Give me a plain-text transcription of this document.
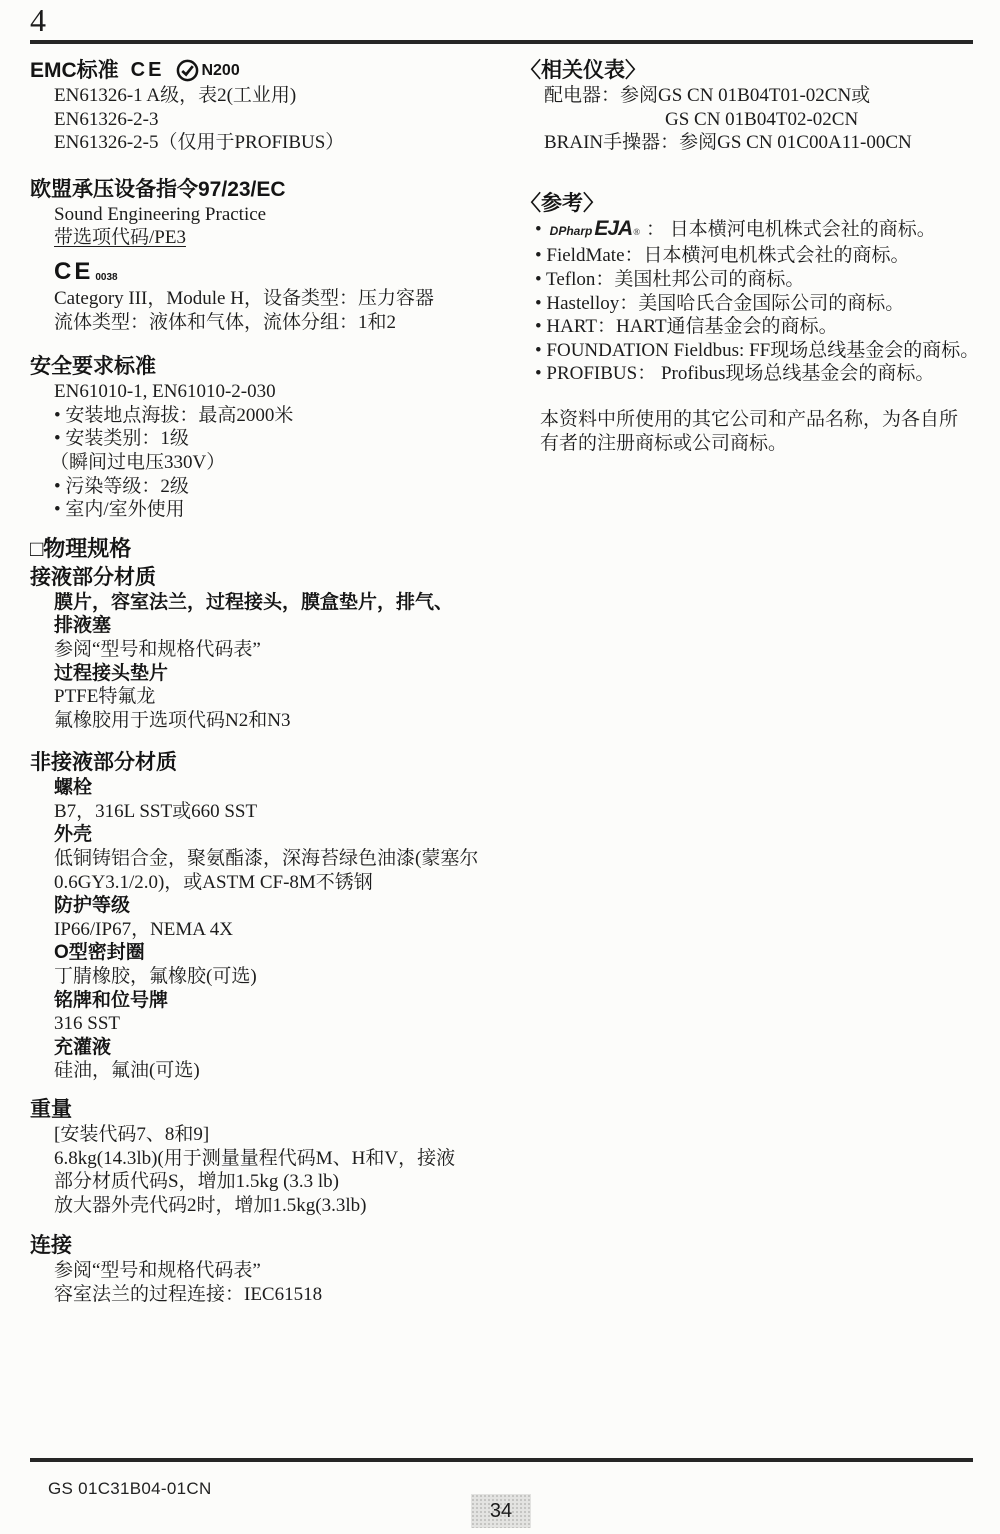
4
EMC标准 CE N200
EN61326-1 A级，表2(工业用)
EN61326-2-3
EN61326-2-5（仅用于PROFIBUS）
欧盟承压设备指令97/23/EC
Sound Engineering Practice
带选项代码/PE3
CE 0038
Category III，Module H，设备类型：压力容器
流体类型：液体和气体，流体分组：1和2
安全要求标准
EN61010-1, EN61010-2-030
• 安装地点海拔：最高2000米
• 安装类别：1级
（瞬间过电压330V）
• 污染等级：2级
• 室内/室外使用
□物理规格
接液部分材质
膜片，容室法兰，过程接头，膜盒垫片，排气、
排液塞
参阅“型号和规格代码表”
过程接头垫片
PTFE特氟龙
氟橡胶用于选项代码N2和N3
非接液部分材质
螺栓
B7，316L SST或660 SST
外壳
低铜铸铝合金，聚氨酯漆，深海苔绿色油漆(蒙塞尔
0.6GY3.1/2.0)，或ASTM CF-8M不锈钢
防护等级
IP66/IP67，NEMA 4X
O型密封圈
丁腈橡胶，氟橡胶(可选)
铭牌和位号牌
316 SST
充灌液
硅油，氟油(可选)
重量
[安装代码7、8和9]
6.8kg(14.3lb)(用于测量量程代码M、H和V，接液
部分材质代码S，增加1.5kg (3.3 lb)
放大器外壳代码2时，增加1.5kg(3.3lb)
连接
参阅“型号和规格代码表”
容室法兰的过程连接：IEC61518
〈相关仪表〉
配电器：参阅GS CN 01B04T01-02CN或
GS CN 01B04T02-02CN
BRAIN手操器：参阅GS CN 01C00A11-00CN
〈参考〉
• DPharp EJA ® ： 日本横河电机株式会社的商标。
• FieldMate：日本横河电机株式会社的商标。
• Teflon：美国杜邦公司的商标。
• Hastelloy：美国哈氏合金国际公司的商标。
• HART：HART通信基金会的商标。
• FOUNDATION Fieldbus: FF现场总线基金会的商标。
• PROFIBUS： Profibus现场总线基金会的商标。
本资料中所使用的其它公司和产品名称，为各自所
有者的注册商标或公司商标。
GS 01C31B04-01CN
34
